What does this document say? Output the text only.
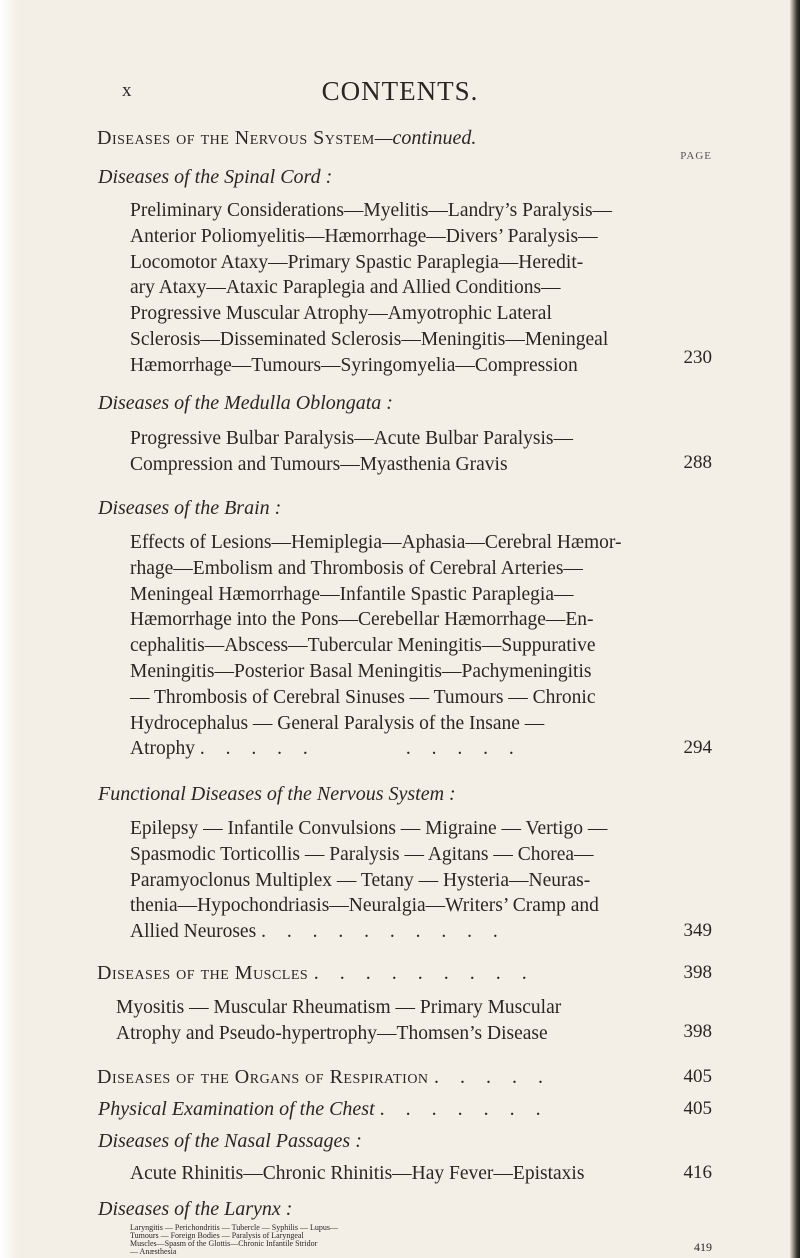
x	CONTENTS.
Diseases of the Nervous System—continued.
PAGE
Diseases of the Spinal Cord :
Preliminary Considerations—Myelitis—Landry’s Paralysis—
Anterior Poliomyelitis—Hæmorrhage—Divers’ Paralysis—
Locomotor Ataxy—Primary Spastic Paraplegia—Heredit-
ary Ataxy—Ataxic Paraplegia and Allied Conditions—
Progressive Muscular Atrophy—Amyotrophic Lateral
Sclerosis—Disseminated Sclerosis—Meningitis—Meningeal
Hæmorrhage—Tumours—Syringomyelia—Compression	230
Diseases of the Medulla Oblongata :
Progressive Bulbar Paralysis—Acute Bulbar Paralysis—
Compression and Tumours—Myasthenia Gravis	288
Diseases of the Brain :
Effects of Lesions—Hemiplegia—Aphasia—Cerebral Hæmor-
rhage—Embolism and Thrombosis of Cerebral Arteries—
Meningeal Hæmorrhage—Infantile Spastic Paraplegia—
Hæmorrhage into the Pons—Cerebellar Hæmorrhage—En-
cephalitis—Abscess—Tubercular Meningitis—Suppurative
Meningitis—Posterior Basal Meningitis—Pachymeningitis
— Thrombosis of Cerebral Sinuses — Tumours — Chronic
Hydrocephalus — General Paralysis of the Insane —
Atrophy . . . . .       . . . . .	294
Functional Diseases of the Nervous System :
Epilepsy — Infantile Convulsions — Migraine — Vertigo —
Spasmodic Torticollis — Paralysis — Agitans — Chorea—
Paramyoclonus Multiplex — Tetany — Hysteria—Neuras-
thenia—Hypochondriasis—Neuralgia—Writers’ Cramp and
Allied Neuroses . . . . . . . . . .	349
Diseases of the Muscles . . . . . . . . .	398
Myositis — Muscular Rheumatism — Primary Muscular
Atrophy and Pseudo-hypertrophy—Thomsen’s Disease	398
Diseases of the Organs of Respiration . . . . .	405
Physical Examination of the Chest . . . . . . .	405
Diseases of the Nasal Passages :
Acute Rhinitis—Chronic Rhinitis—Hay Fever—Epistaxis	416
Diseases of the Larynx :
Laryngitis — Perichondritis — Tubercle — Syphilis — Lupus—
Tumours — Foreign Bodies — Paralysis of Laryngeal
Muscles—Spasm of the Glottis—Chronic Infantile Stridor
— Anæsthesia	419
